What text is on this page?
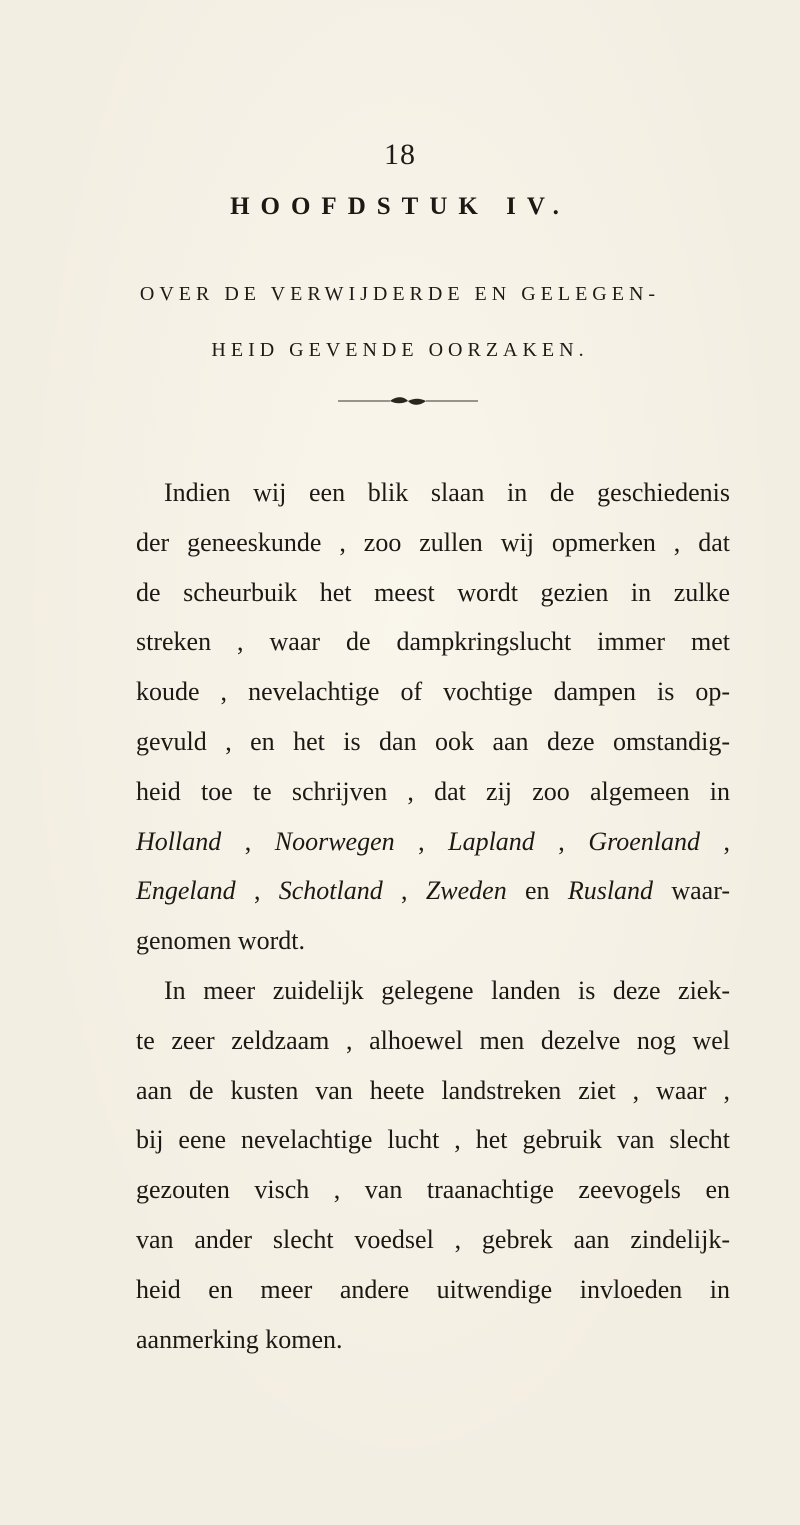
18
HOOFDSTUK IV.
OVER DE VERWIJDERDE EN GELEGEN-
HEID GEVENDE OORZAKEN.
Indien wij een blik slaan in de geschiedenis
der geneeskunde , zoo zullen wij opmerken , dat
de scheurbuik het meest wordt gezien in zulke
streken , waar de dampkringslucht immer met
koude , nevelachtige of vochtige dampen is op-
gevuld , en het is dan ook aan deze omstandig-
heid toe te schrijven , dat zij zoo algemeen in
Holland , Noorwegen , Lapland , Groenland ,
Engeland , Schotland , Zweden en Rusland waar-
genomen wordt.
In meer zuidelijk gelegene landen is deze ziek-
te zeer zeldzaam , alhoewel men dezelve nog wel
aan de kusten van heete landstreken ziet , waar ,
bij eene nevelachtige lucht , het gebruik van slecht
gezouten visch , van traanachtige zeevogels en
van ander slecht voedsel , gebrek aan zindelijk-
heid en meer andere uitwendige invloeden in
aanmerking komen.
